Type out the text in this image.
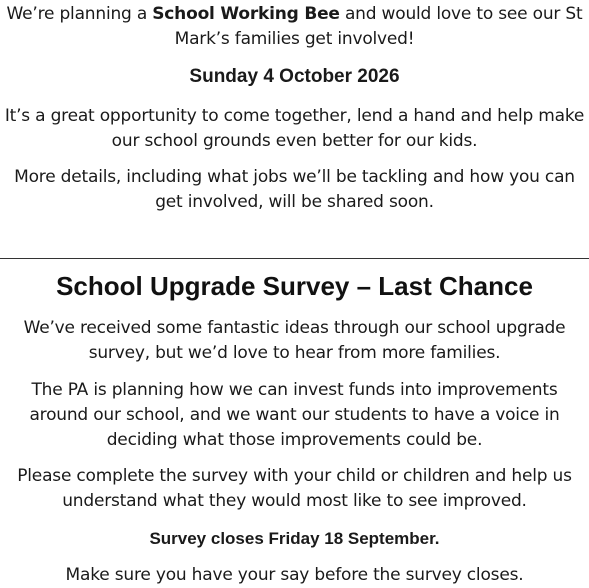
We’re planning a School Working Bee and would love to see our St Mark’s families get involved!

Sunday 4 October 2026

It’s a great opportunity to come together, lend a hand and help make our school grounds even better for our kids.

More details, including what jobs we’ll be tackling and how you can get involved, will be shared soon.

School Upgrade Survey – Last Chance

We’ve received some fantastic ideas through our school upgrade survey, but we’d love to hear from more families.

The PA is planning how we can invest funds into improvements around our school, and we want our students to have a voice in deciding what those improvements could be.

Please complete the survey with your child or children and help us understand what they would most like to see improved.

Survey closes Friday 18 September.

Make sure you have your say before the survey closes.
